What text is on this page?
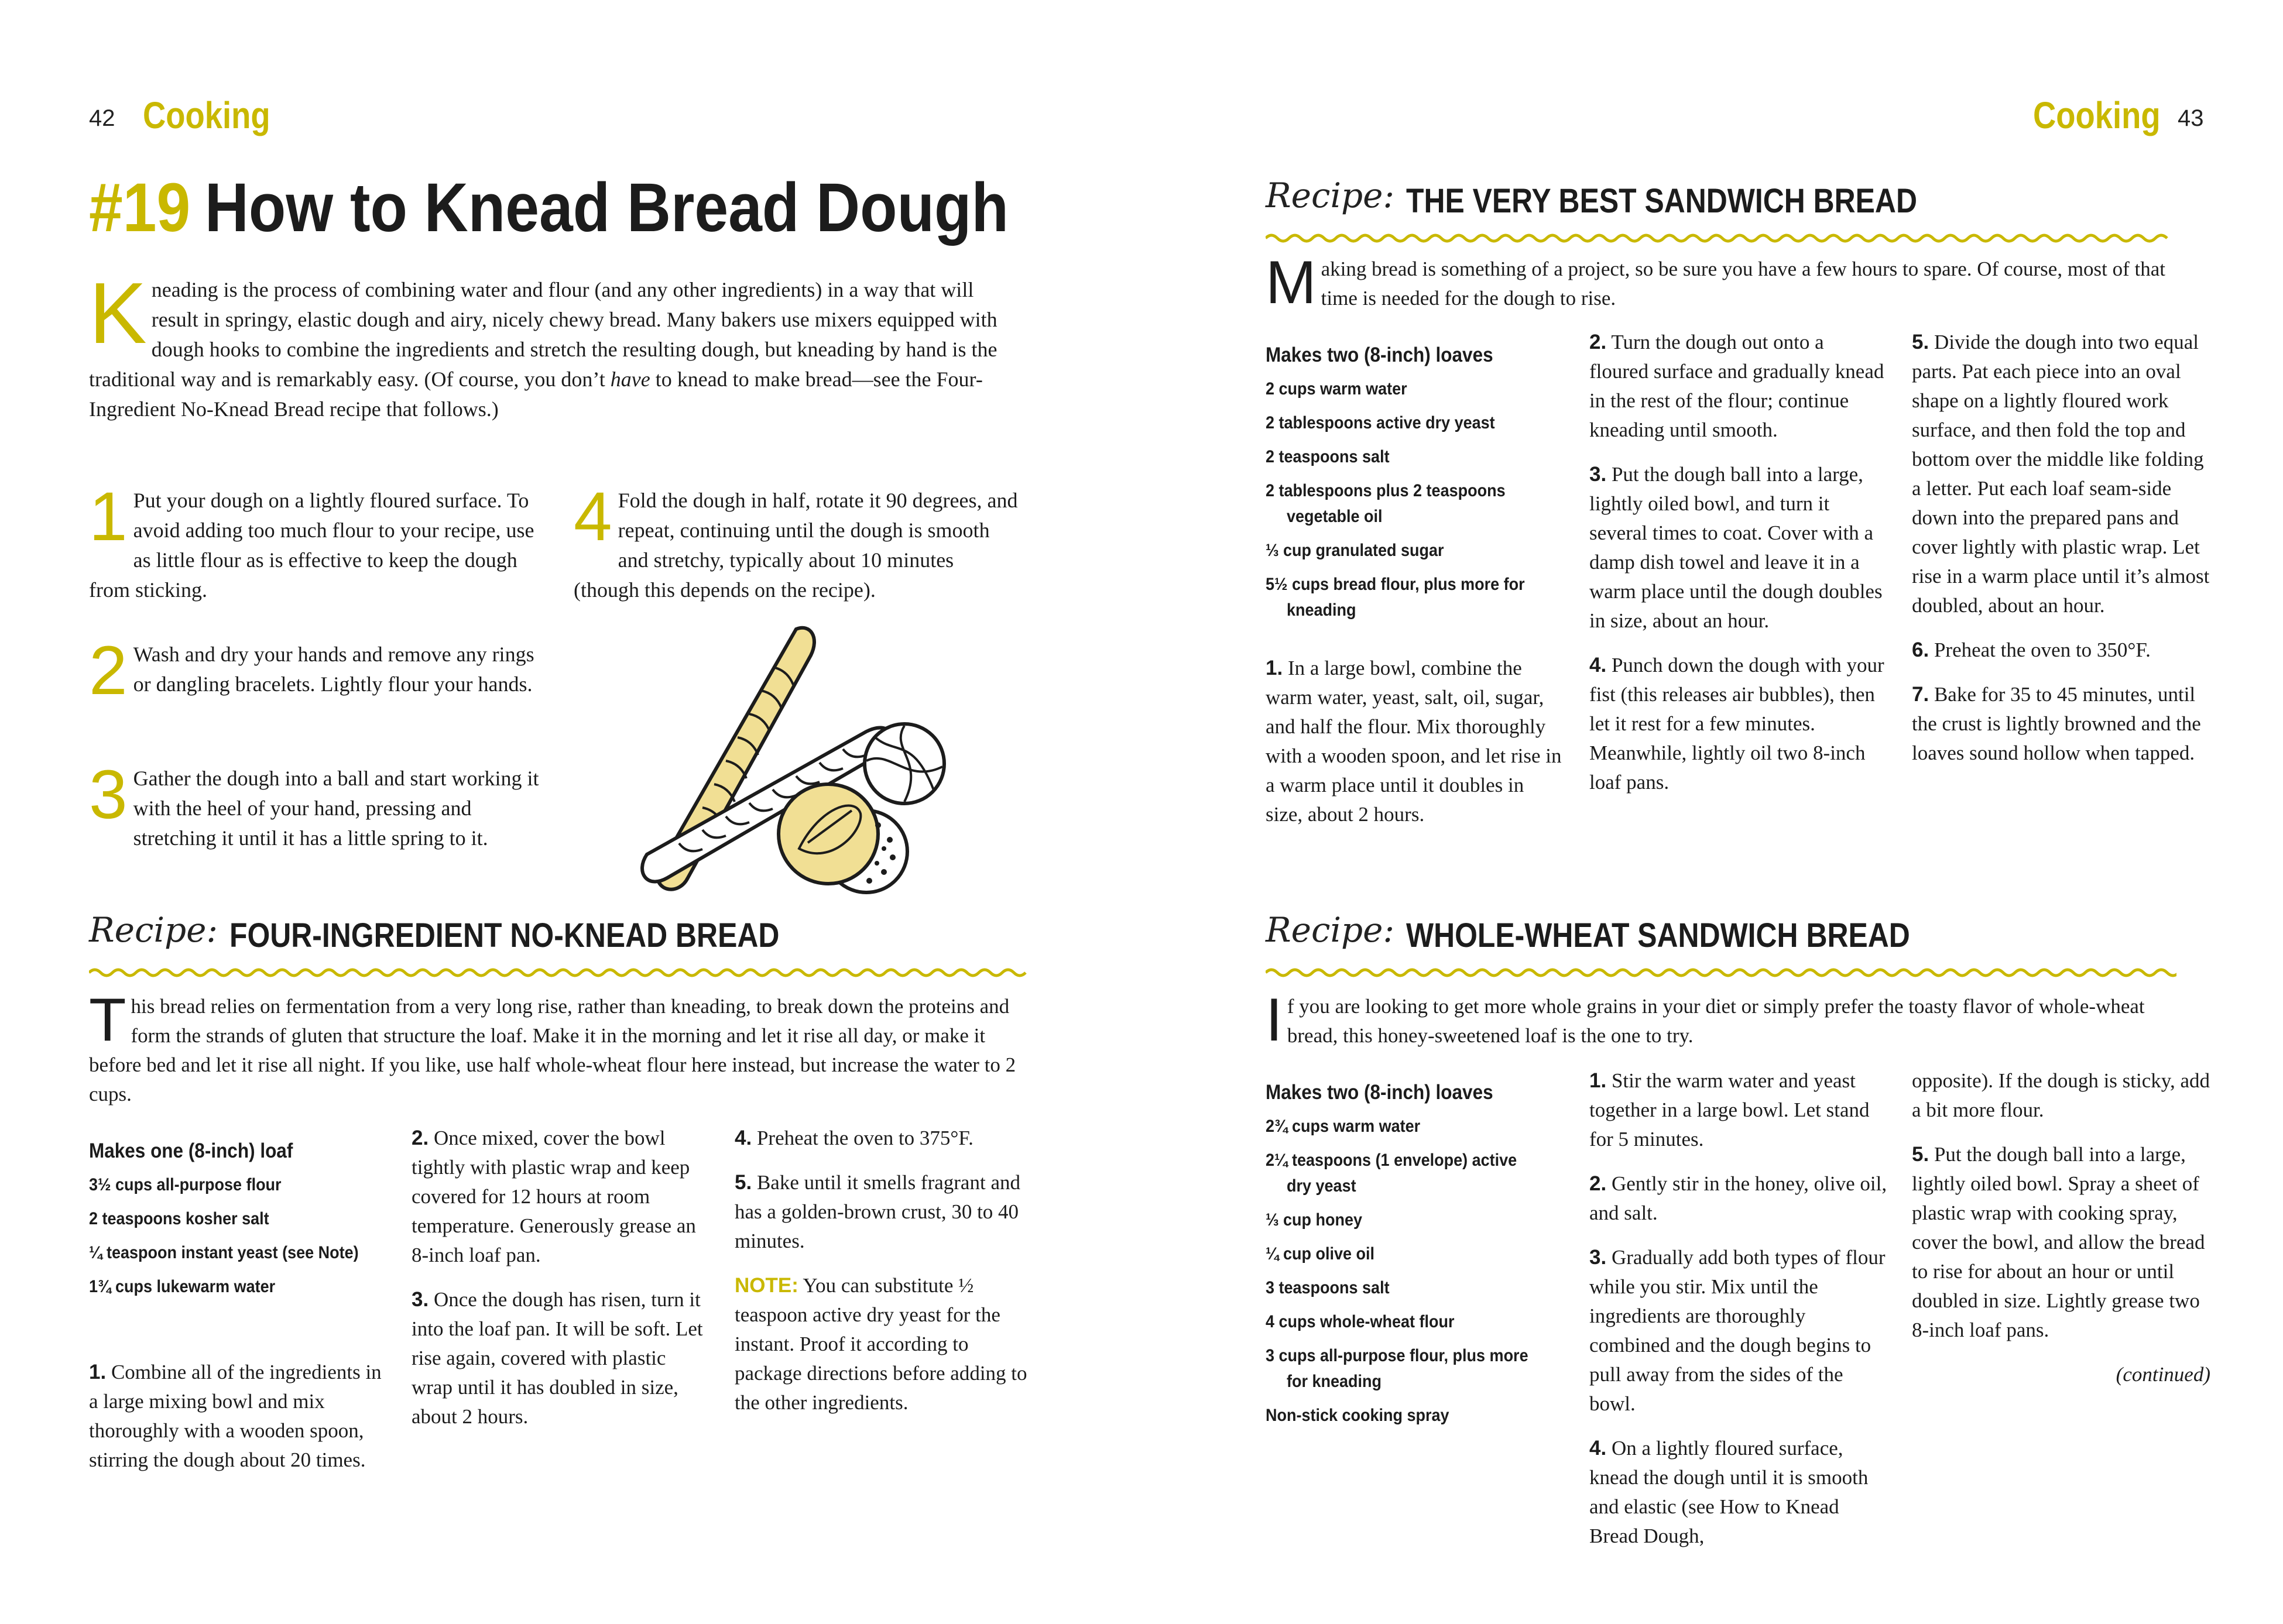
42 Cooking
#19 How to Knead Bread Dough
Kneading is the process of combining water and flour (and any other ingredients) in a way that will result in springy, elastic dough and airy, nicely chewy bread. Many bakers use mixers equipped with dough hooks to combine the ingredients and stretch the resulting dough, but kneading by hand is the traditional way and is remarkably easy. (Of course, you don’t have to knead to make bread—see the Four-Ingredient No-Knead Bread recipe that follows.)
1 Put your dough on a lightly floured surface. To avoid adding too much flour to your recipe, use as little flour as is effective to keep the dough from sticking.
2 Wash and dry your hands and remove any rings or dangling bracelets. Lightly flour your hands.
3 Gather the dough into a ball and start working it with the heel of your hand, pressing and stretching it until it has a little spring to it.
4 Fold the dough in half, rotate it 90 degrees, and repeat, continuing until the dough is smooth and stretchy, typically about 10 minutes (though this depends on the recipe).
Recipe: FOUR-INGREDIENT NO-KNEAD BREAD
This bread relies on fermentation from a very long rise, rather than kneading, to break down the proteins and form the strands of gluten that structure the loaf. Make it in the morning and let it rise all day, or make it before bed and let it rise all night. If you like, use half whole-wheat flour here instead, but increase the water to 2 cups.
Makes one (8-inch) loaf
3½ cups all-purpose flour
2 teaspoons kosher salt
¼ teaspoon instant yeast (see Note)
1¾ cups lukewarm water

1. Combine all of the ingredients in a large mixing bowl and mix thoroughly with a wooden spoon, stirring the dough about 20 times.

2. Once mixed, cover the bowl tightly with plastic wrap and keep covered for 12 hours at room temperature. Generously grease an 8-inch loaf pan.

3. Once the dough has risen, turn it into the loaf pan. It will be soft. Let rise again, covered with plastic wrap until it has doubled in size, about 2 hours.

4. Preheat the oven to 375°F.

5. Bake until it smells fragrant and has a golden-brown crust, 30 to 40 minutes.

NOTE: You can substitute ½ teaspoon active dry yeast for the instant. Proof it according to package directions before adding to the other ingredients.

Cooking 43
Recipe: THE VERY BEST SANDWICH BREAD
Making bread is something of a project, so be sure you have a few hours to spare. Of course, most of that time is needed for the dough to rise.
Makes two (8-inch) loaves
2 cups warm water
2 tablespoons active dry yeast
2 teaspoons salt
2 tablespoons plus 2 teaspoons vegetable oil
⅓ cup granulated sugar
5½ cups bread flour, plus more for kneading

1. In a large bowl, combine the warm water, yeast, salt, oil, sugar, and half the flour. Mix thoroughly with a wooden spoon, and let rise in a warm place until it doubles in size, about 2 hours.

2. Turn the dough out onto a floured surface and gradually knead in the rest of the flour; continue kneading until smooth.

3. Put the dough ball into a large, lightly oiled bowl, and turn it several times to coat. Cover with a damp dish towel and leave it in a warm place until the dough doubles in size, about an hour.

4. Punch down the dough with your fist (this releases air bubbles), then let it rest for a few minutes. Meanwhile, lightly oil two 8-inch loaf pans.

5. Divide the dough into two equal parts. Pat each piece into an oval shape on a lightly floured work surface, and then fold the top and bottom over the middle like folding a letter. Put each loaf seam-side down into the prepared pans and cover lightly with plastic wrap. Let rise in a warm place until it’s almost doubled, about an hour.

6. Preheat the oven to 350°F.

7. Bake for 35 to 45 minutes, until the crust is lightly browned and the loaves sound hollow when tapped.

Recipe: WHOLE-WHEAT SANDWICH BREAD
If you are looking to get more whole grains in your diet or simply prefer the toasty flavor of whole-wheat bread, this honey-sweetened loaf is the one to try.
Makes two (8-inch) loaves
2¾ cups warm water
2¼ teaspoons (1 envelope) active dry yeast
⅓ cup honey
¼ cup olive oil
3 teaspoons salt
4 cups whole-wheat flour
3 cups all-purpose flour, plus more for kneading
Non-stick cooking spray

1. Stir the warm water and yeast together in a large bowl. Let stand for 5 minutes.

2. Gently stir in the honey, olive oil, and salt.

3. Gradually add both types of flour while you stir. Mix until the ingredients are thoroughly combined and the dough begins to pull away from the sides of the bowl.

4. On a lightly floured surface, knead the dough until it is smooth and elastic (see How to Knead Bread Dough,

opposite). If the dough is sticky, add a bit more flour.

5. Put the dough ball into a large, lightly oiled bowl. Spray a sheet of plastic wrap with cooking spray, cover the bowl, and allow the bread to rise for about an hour or until doubled in size. Lightly grease two 8-inch loaf pans.

(continued)
